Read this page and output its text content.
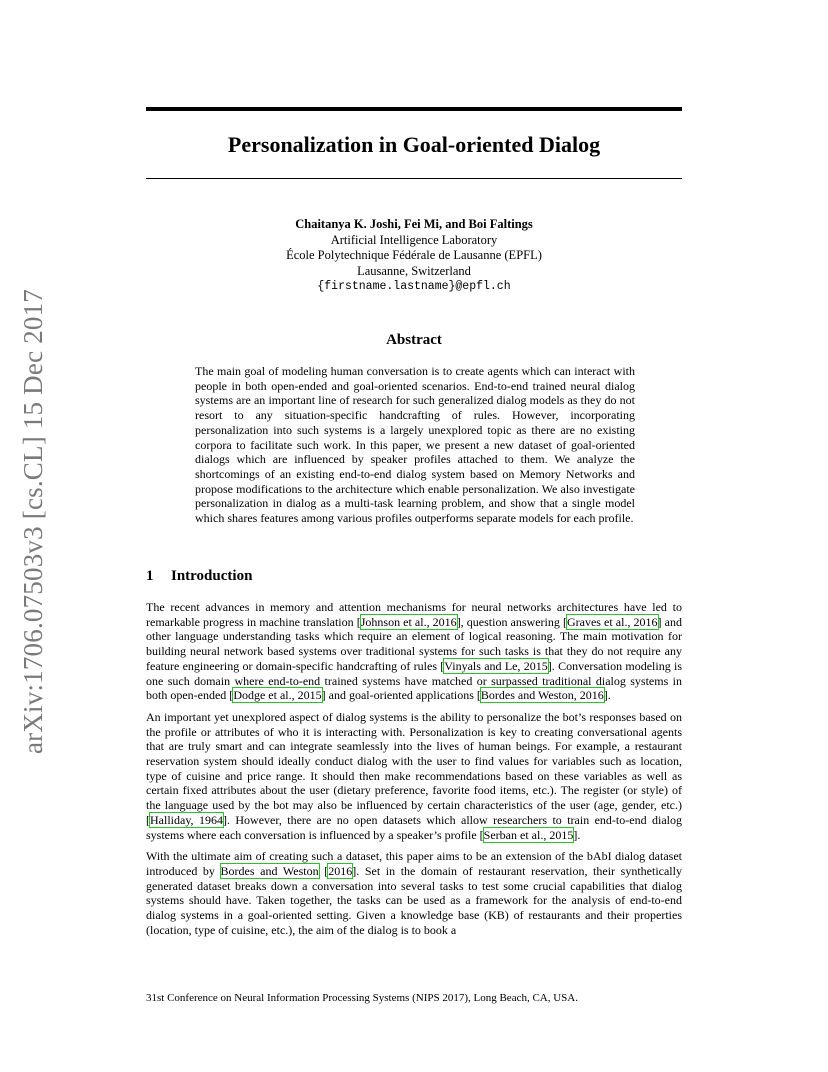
arXiv:1706.07503v3 [cs.CL] 15 Dec 2017
Personalization in Goal-oriented Dialog
Chaitanya K. Joshi, Fei Mi, and Boi Faltings
Artificial Intelligence Laboratory
École Polytechnique Fédérale de Lausanne (EPFL)
Lausanne, Switzerland
{firstname.lastname}@epfl.ch
Abstract

The main goal of modeling human conversation is to create agents which can interact with people in both open-ended and goal-oriented scenarios. End-to-end trained neural dialog systems are an important line of research for such generalized dialog models as they do not resort to any situation-specific handcrafting of rules. However, incorporating personalization into such systems is a largely unexplored topic as there are no existing corpora to facilitate such work. In this paper, we present a new dataset of goal-oriented dialogs which are influenced by speaker profiles attached to them. We analyze the shortcomings of an existing end-to-end dialog system based on Memory Networks and propose modifications to the architecture which enable personalization. We also investigate personalization in dialog as a multi-task learning problem, and show that a single model which shares features among various profiles outperforms separate models for each profile.

1 Introduction

The recent advances in memory and attention mechanisms for neural networks architectures have led to remarkable progress in machine translation [Johnson et al., 2016], question answering [Graves et al., 2016] and other language understanding tasks which require an element of logical reasoning. The main motivation for building neural network based systems over traditional systems for such tasks is that they do not require any feature engineering or domain-specific handcrafting of rules [Vinyals and Le, 2015]. Conversation modeling is one such domain where end-to-end trained systems have matched or surpassed traditional dialog systems in both open-ended [Dodge et al., 2015] and goal-oriented applications [Bordes and Weston, 2016].

An important yet unexplored aspect of dialog systems is the ability to personalize the bot’s responses based on the profile or attributes of who it is interacting with. Personalization is key to creating conversational agents that are truly smart and can integrate seamlessly into the lives of human beings. For example, a restaurant reservation system should ideally conduct dialog with the user to find values for variables such as location, type of cuisine and price range. It should then make recommendations based on these variables as well as certain fixed attributes about the user (dietary preference, favorite food items, etc.). The register (or style) of the language used by the bot may also be influenced by certain characteristics of the user (age, gender, etc.) [Halliday, 1964]. However, there are no open datasets which allow researchers to train end-to-end dialog systems where each conversation is influenced by a speaker’s profile [Serban et al., 2015].

With the ultimate aim of creating such a dataset, this paper aims to be an extension of the bAbI dialog dataset introduced by Bordes and Weston [2016]. Set in the domain of restaurant reservation, their synthetically generated dataset breaks down a conversation into several tasks to test some crucial capabilities that dialog systems should have. Taken together, the tasks can be used as a framework for the analysis of end-to-end dialog systems in a goal-oriented setting. Given a knowledge base (KB) of restaurants and their properties (location, type of cuisine, etc.), the aim of the dialog is to book a

31st Conference on Neural Information Processing Systems (NIPS 2017), Long Beach, CA, USA.
